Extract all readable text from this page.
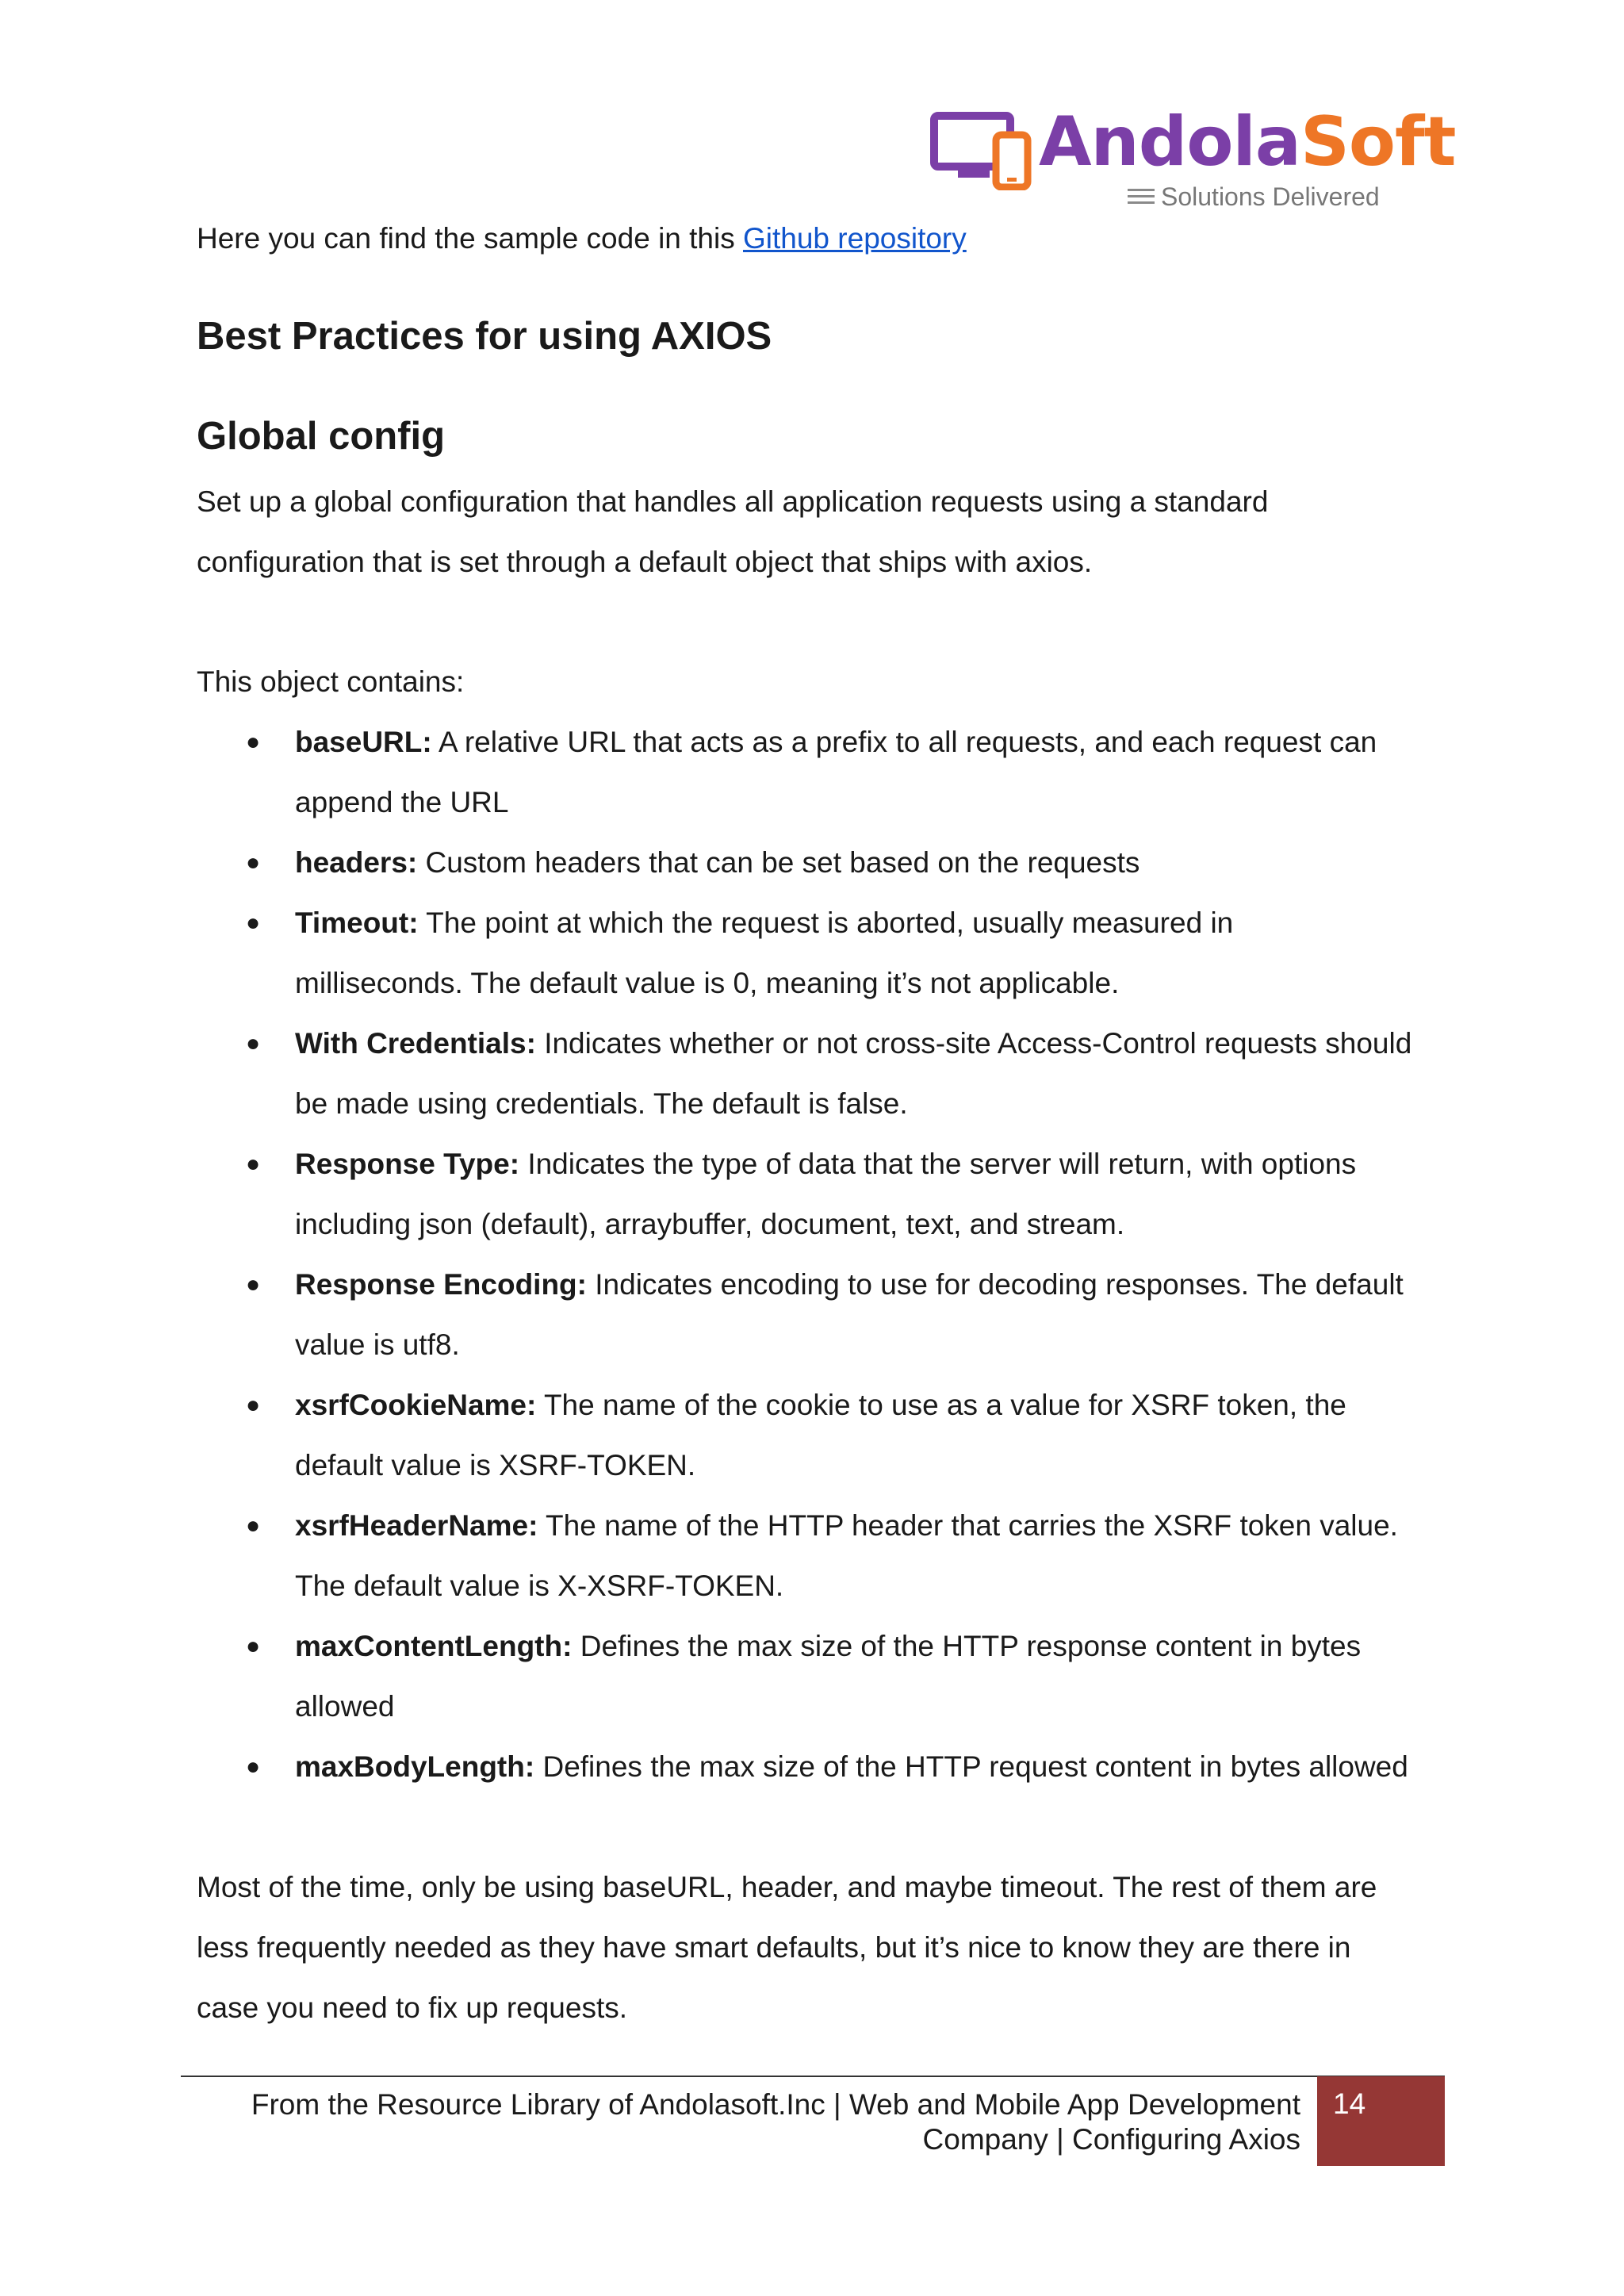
AndolaSoft
Solutions Delivered
Here you can find the sample code in this Github repository
Best Practices for using AXIOS
Global config
Set up a global configuration that handles all application requests using a standard
configuration that is set through a default object that ships with axios.
This object contains:
● baseURL: A relative URL that acts as a prefix to all requests, and each request can
append the URL
● headers: Custom headers that can be set based on the requests
● Timeout: The point at which the request is aborted, usually measured in
milliseconds. The default value is 0, meaning it’s not applicable.
● With Credentials: Indicates whether or not cross-site Access-Control requests should
be made using credentials. The default is false.
● Response Type: Indicates the type of data that the server will return, with options
including json (default), arraybuffer, document, text, and stream.
● Response Encoding: Indicates encoding to use for decoding responses. The default
value is utf8.
● xsrfCookieName: The name of the cookie to use as a value for XSRF token, the
default value is XSRF-TOKEN.
● xsrfHeaderName: The name of the HTTP header that carries the XSRF token value.
The default value is X-XSRF-TOKEN.
● maxContentLength: Defines the max size of the HTTP response content in bytes
allowed
● maxBodyLength: Defines the max size of the HTTP request content in bytes allowed
Most of the time, only be using baseURL, header, and maybe timeout. The rest of them are
less frequently needed as they have smart defaults, but it’s nice to know they are there in
case you need to fix up requests.
From the Resource Library of Andolasoft.Inc | Web and Mobile App Development
Company | Configuring Axios
14
